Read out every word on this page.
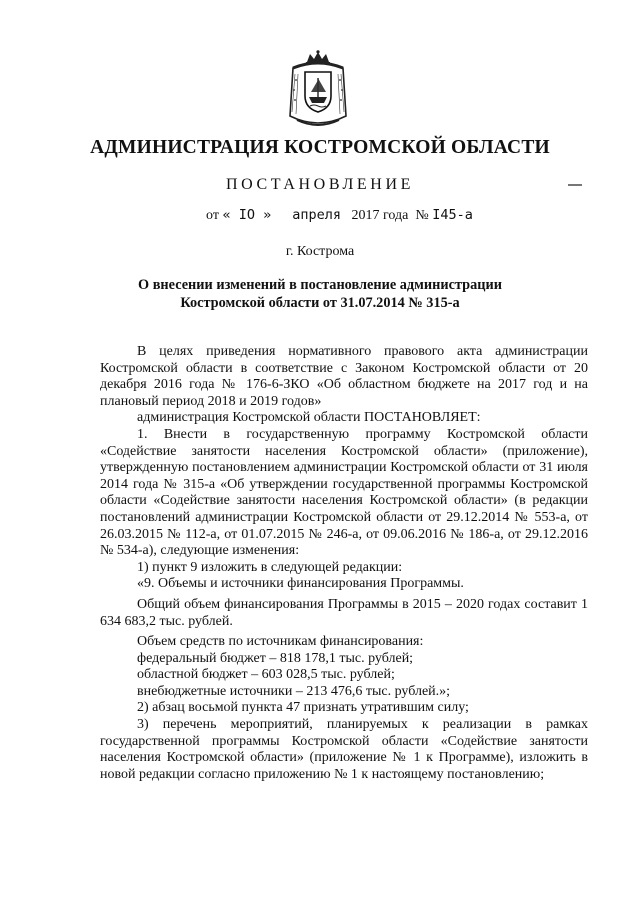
АДМИНИСТРАЦИЯ КОСТРОМСКОЙ ОБЛАСТИ
ПОСТАНОВЛЕНИЕ
от « IO » апреля 2017 года № I45-а
г. Кострома
О внесении изменений в постановление администрации
Костромской области от 31.07.2014 № 315-а

В целях приведения нормативного правового акта администрации Костромской области в соответствие с Законом Костромской области от 20 декабря 2016 года № 176-6-ЗКО «Об областном бюджете на 2017 год и на плановый период 2018 и 2019 годов»

администрация Костромской области ПОСТАНОВЛЯЕТ:

1. Внести в государственную программу Костромской области «Содействие занятости населения Костромской области» (приложение), утвержденную постановлением администрации Костромской области от 31 июля 2014 года № 315-а «Об утверждении государственной программы Костромской области «Содействие занятости населения Костромской области» (в редакции постановлений администрации Костромской области от 29.12.2014 № 553-а, от 26.03.2015 № 112-а, от 01.07.2015 № 246-а, от 09.06.2016 № 186-а, от 29.12.2016 № 534-а), следующие изменения:

1) пункт 9 изложить в следующей редакции:

«9. Объемы и источники финансирования Программы.

Общий объем финансирования Программы в 2015 – 2020 годах составит 1 634 683,2 тыс. рублей.

Объем средств по источникам финансирования:

федеральный бюджет – 818 178,1 тыс. рублей;

областной бюджет – 603 028,5 тыс. рублей;

внебюджетные источники – 213 476,6 тыс. рублей.»;

2) абзац восьмой пункта 47 признать утратившим силу;

3) перечень мероприятий, планируемых к реализации в рамках государственной программы Костромской области «Содействие занятости населения Костромской области» (приложение № 1 к Программе), изложить в новой редакции согласно приложению № 1 к настоящему постановлению;
